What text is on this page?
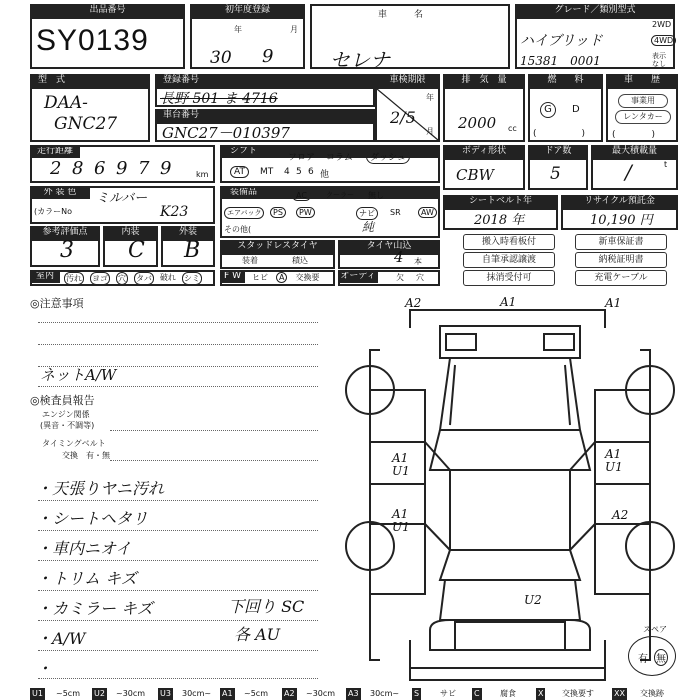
出品番号
SY0139
初年度登録
年	月
30 9
車　　　名
セレナ
グレード／類別型式
ハイブリッド
15381　0001
2WD
4WD
表示
なし
型　式
DAA-
GNC27
登録番号
長野 501 ま 4716
車台番号
GNC27－010397
車検期限
2/5
年
月
排　気　量
2000 cc
燃　　料
G	D
(　　　　　)
車　　歴
事業用
レンタカー
(　　　　)
走行距離
2 8 6 9 7 9	km
シフト
フロア コラム	ダッシュ
AT	MT 4 5 6 他
ボディ形状
CBW
ドア数
5
最大積載量
/	t
外 装 色
(カラーNo
ミルバー
K23
装備品	AC	クーラー 無し
エアバック	PS	PW	ナビ	SR	AW
その他(	純
シートベルト年
2018 年
リサイクル預託金
10,190 円
参考評価点
3
内装
C
外装
B	スタッドレスタイヤ
装着	積込
タイヤ山込
4 本
搬入時看板付	新車保証書
自筆承認譲渡	納税証明書
抹消受付可	充電ケーブル
室内	汚れ ヨゴ 穴 タバ 破れ シミ	F W	ヒビ	A	交換要 オーディオ
欠 穴
◎注意事項
ネットA/W
◎検査員報告
エンジン関係
(異音・不調等)
タイミングベルト
交換　有・無
・天張りヤニ汚れ
・シートヘタリ
・車内ニオイ
・トリム キズ
・カミラー キズ
・A/W
・
下回り SC
各 AU
A2	A1	A1
A1
U1
A1
U1
A1
U1
A2
U2
スペア
有 無
U1 ~5cm U2 ~30cm U3 30cm~ A1 ~5cm A2 ~30cm A3 30cm~ S	サビ C	腐食	X 交換要す	XX 交換跡
